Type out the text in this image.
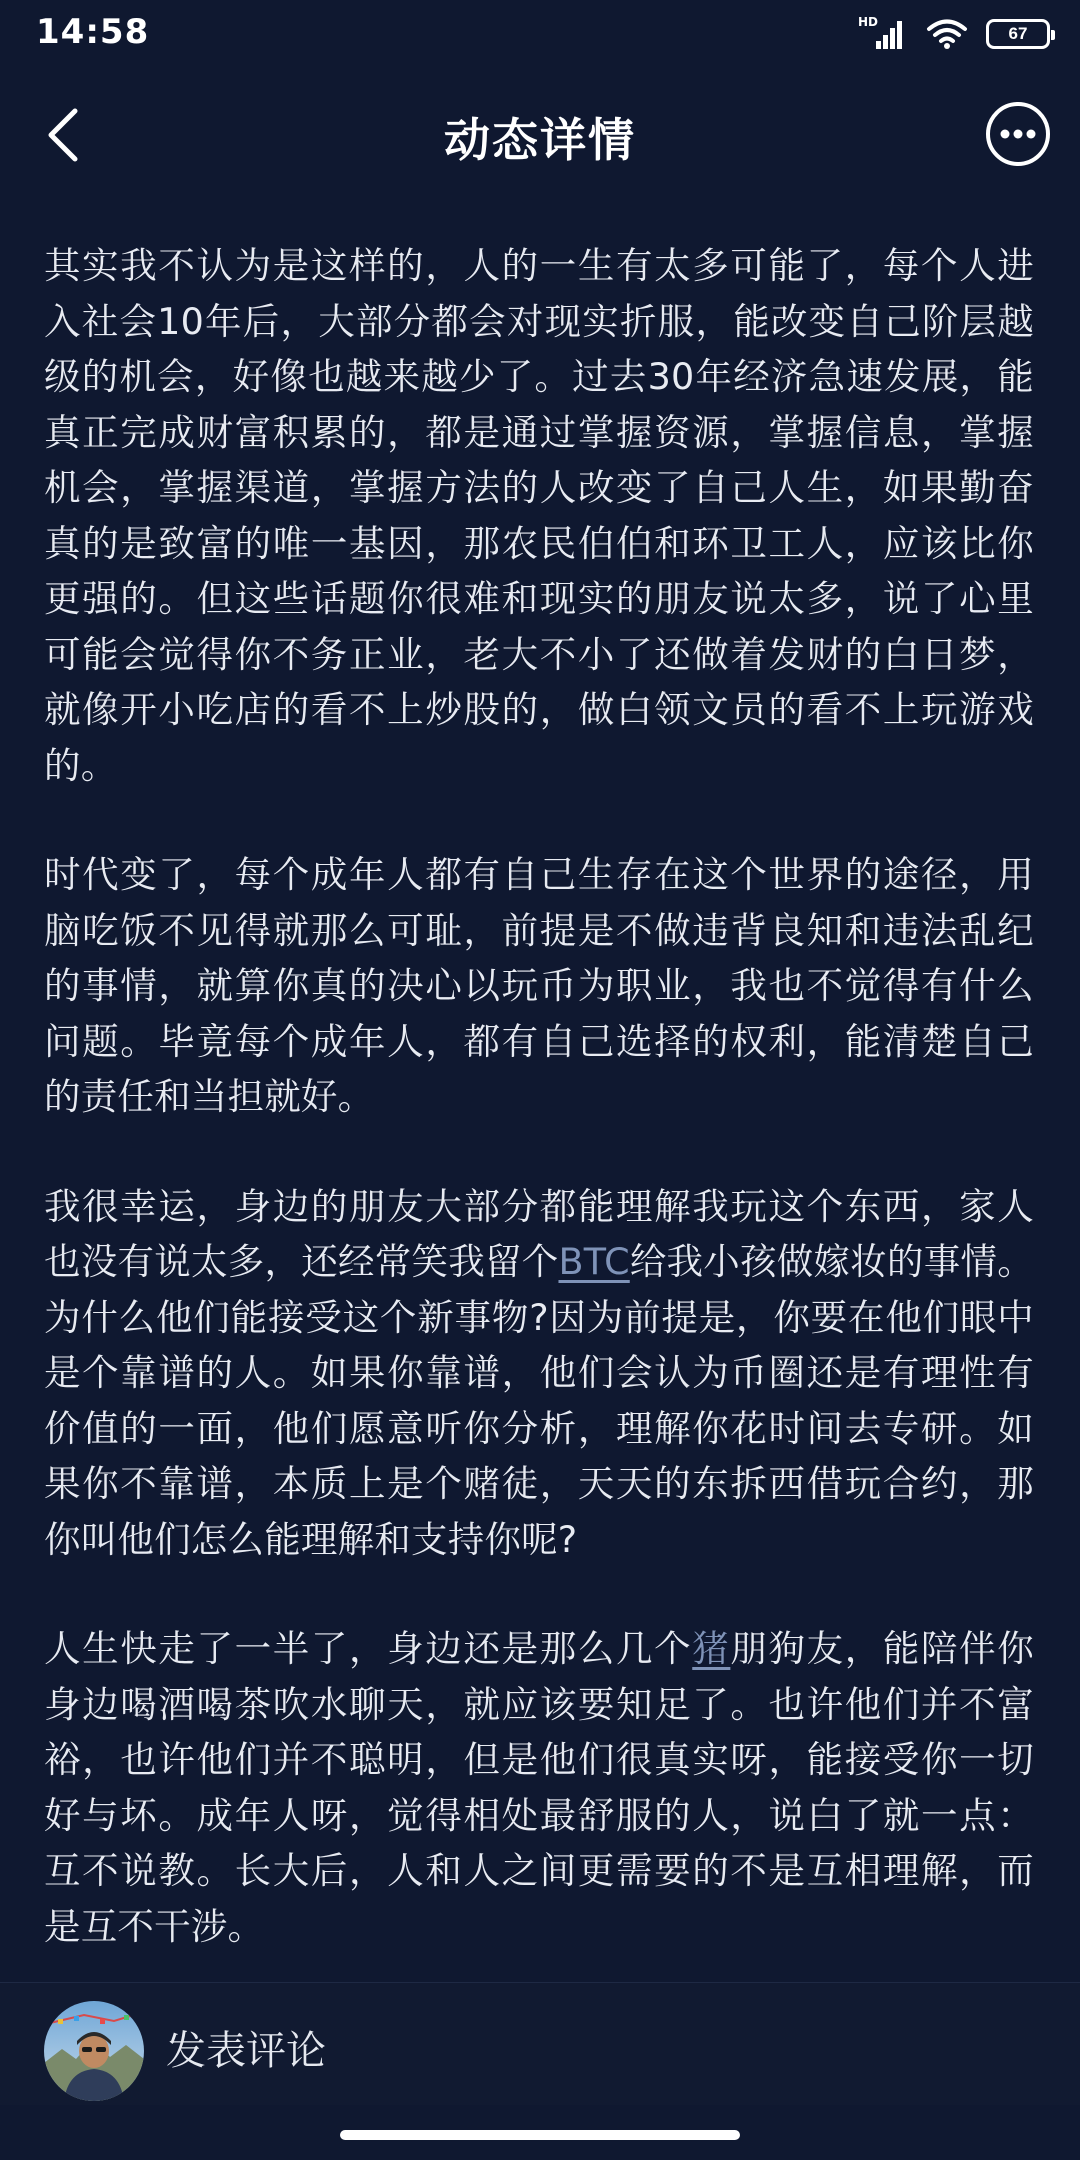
14:58	HD
67
动态详情

其实我不认为是这样的，人的一生有太多可能了，每个人进入社会10年后，大部分都会对现实折服，能改变自己阶层越级的机会，好像也越来越少了。过去30年经济急速发展，能真正完成财富积累的，都是通过掌握资源，掌握信息，掌握机会，掌握渠道，掌握方法的人改变了自己人生，如果勤奋真的是致富的唯一基因，那农民伯伯和环卫工人，应该比你更强的。但这些话题你很难和现实的朋友说太多，说了心里可能会觉得你不务正业，老大不小了还做着发财的白日梦，就像开小吃店的看不上炒股的，做白领文员的看不上玩游戏的。

时代变了，每个成年人都有自己生存在这个世界的途径，用脑吃饭不见得就那么可耻，前提是不做违背良知和违法乱纪的事情，就算你真的决心以玩币为职业，我也不觉得有什么问题。毕竟每个成年人，都有自己选择的权利，能清楚自己的责任和当担就好。

我很幸运，身边的朋友大部分都能理解我玩这个东西，家人也没有说太多，还经常笑我留个BTC给我小孩做嫁妆的事情。为什么他们能接受这个新事物?因为前提是，你要在他们眼中是个靠谱的人。如果你靠谱，他们会认为币圈还是有理性有价值的一面，他们愿意听你分析，理解你花时间去专研。如果你不靠谱，本质上是个赌徒，天天的东拆西借玩合约，那你叫他们怎么能理解和支持你呢?

人生快走了一半了，身边还是那么几个猪朋狗友，能陪伴你身边喝酒喝茶吹水聊天，就应该要知足了。也许他们并不富裕，也许他们并不聪明，但是他们很真实呀，能接受你一切好与坏。成年人呀，觉得相处最舒服的人，说白了就一点：互不说教。长大后，人和人之间更需要的不是互相理解，而是互不干涉。

发表评论
